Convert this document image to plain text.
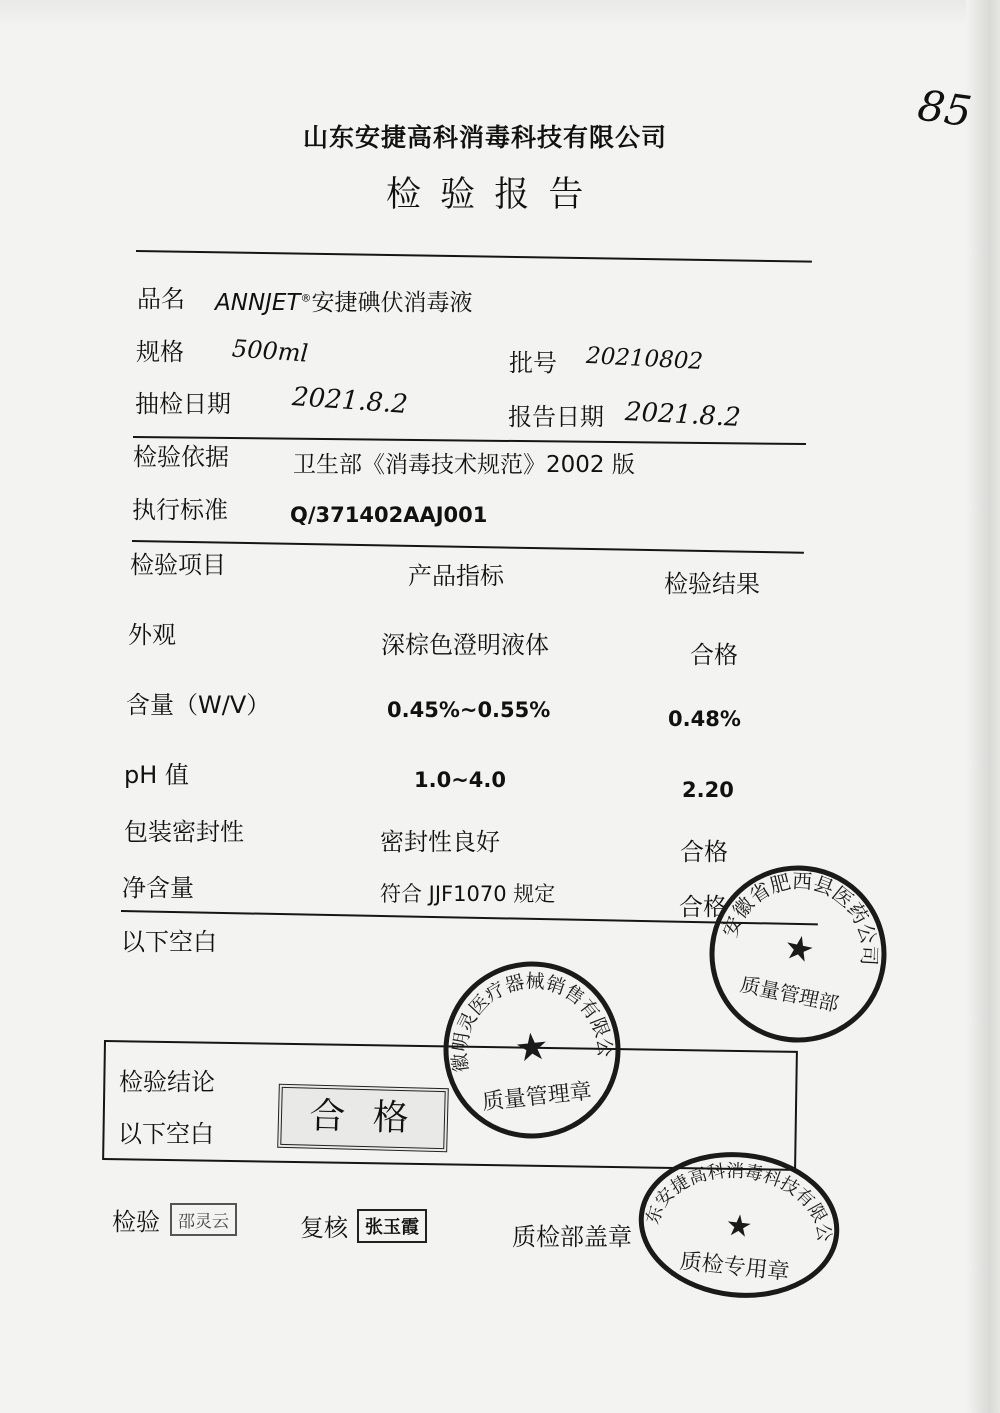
85
山东安捷高科消毒科技有限公司
检 验 报 告
品名 ANNJET®安捷碘伏消毒液
规格 500ml	批号 20210802
抽检日期 2021.8.2	报告日期 2021.8.2
检验依据	卫生部《消毒技术规范》2002 版
执行标准	Q/371402AAJ001
检验项目	产品指标	检验结果
外观	深棕色澄明液体	合格
含量（W/V）	0.45%~0.55%	0.48%
pH 值	1.0~4.0	2.20
包装密封性	密封性良好	合格
净含量	符合 JJF1070 规定	合格
以下空白
检验结论
以下空白	合 格
检验	邵灵云	复核 张玉霞	质检部盖章
安徽省肥西县医药公司
★
质量管理部
安徽明灵医疗器械销售有限公司
★
质量管理章
山东安捷高科消毒科技有限公司
★
质检专用章
